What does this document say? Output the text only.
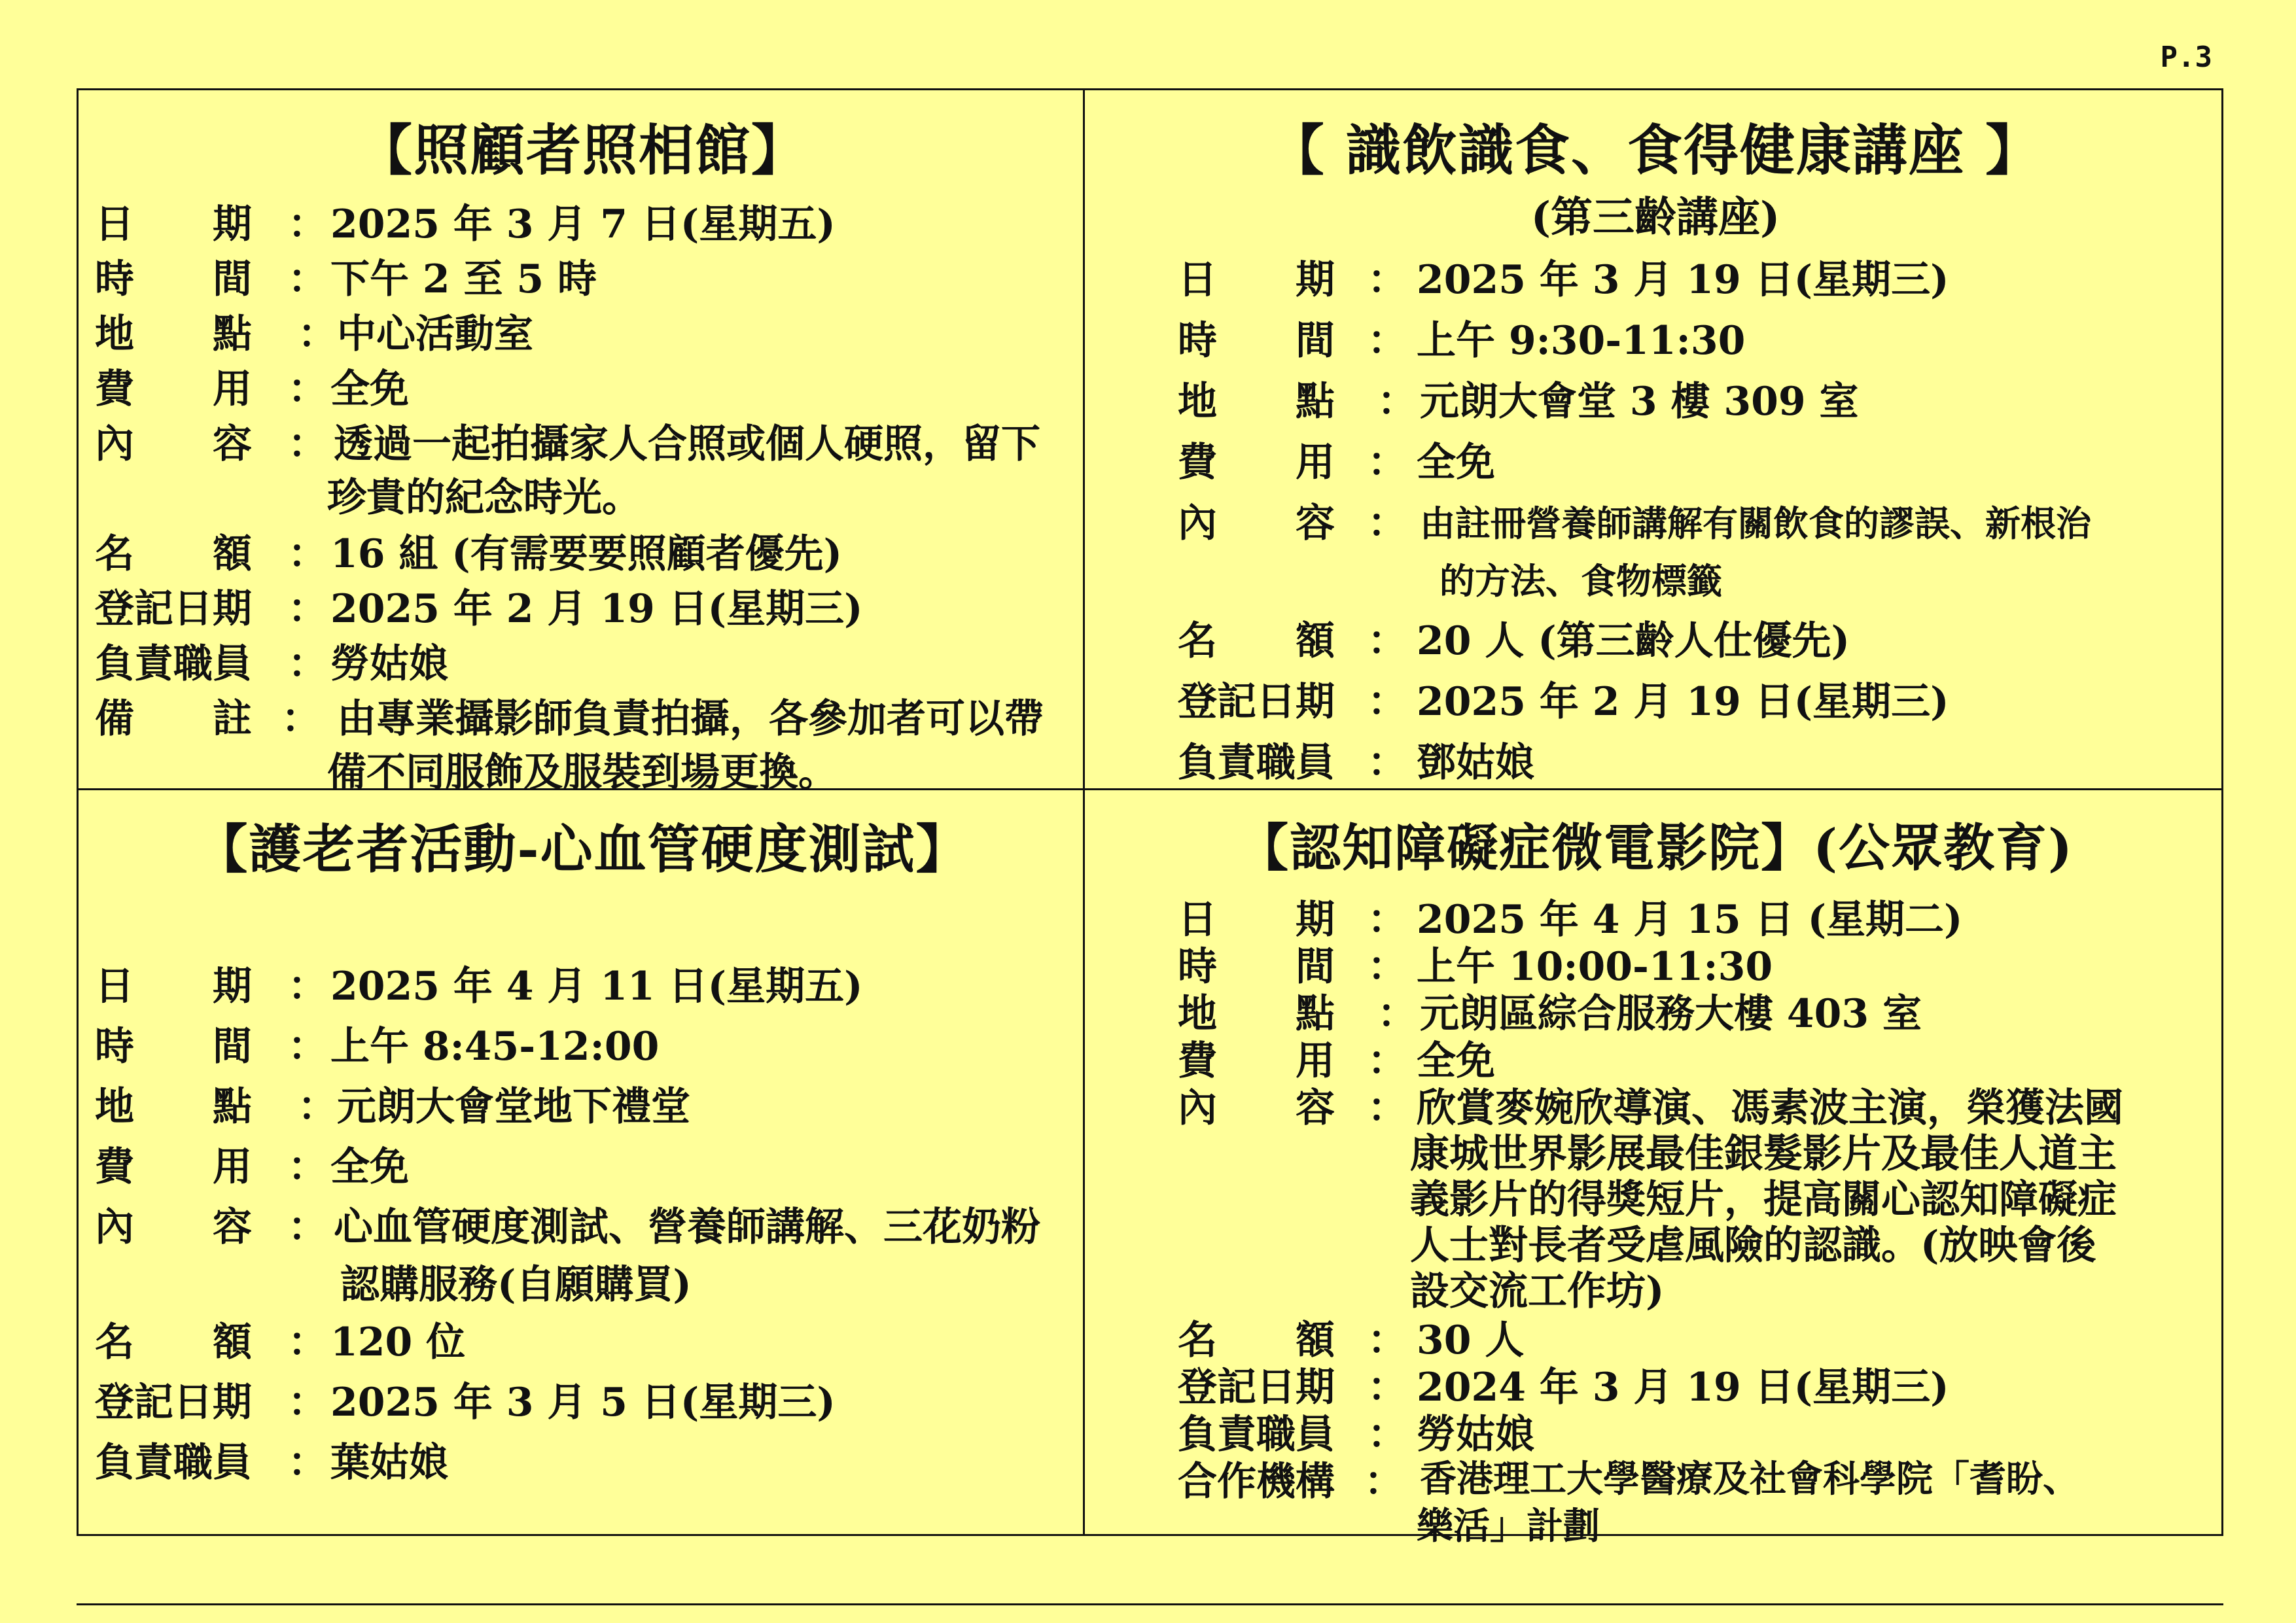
P.3
【照顧者照相館】
日　　期 ： 2025 年 3 月 7 日(星期五)
時　　間 ： 下午 2 至 5 時
地　　點 ： 中心活動室
費　　用 ： 全免
內　　容 ： 透過一起拍攝家人合照或個人硬照，留下
珍貴的紀念時光。
名　　額 ： 16 組 (有需要要照顧者優先)
登記日期 ： 2025 年 2 月 19 日(星期三)
負責職員 ： 勞姑娘
備　　註 ： 由專業攝影師負責拍攝，各參加者可以帶
備不同服飾及服裝到場更換。
【 識飲識食、食得健康講座 】
(第三齡講座)
日　　期 ： 2025 年 3 月 19 日(星期三)
時　　間 ： 上午 9:30-11:30
地　　點 ： 元朗大會堂 3 樓 309 室
費　　用 ： 全免
內　　容 ： 由註冊營養師講解有關飲食的謬誤、新根治
的方法、食物標籤
名　　額 ： 20 人 (第三齡人仕優先)
登記日期 ： 2025 年 2 月 19 日(星期三)
負責職員 ： 鄧姑娘
【護老者活動-心血管硬度測試】
日　　期 ： 2025 年 4 月 11 日(星期五)
時　　間 ： 上午 8:45-12:00
地　　點 ： 元朗大會堂地下禮堂
費　　用 ： 全免
內　　容 ： 心血管硬度測試、營養師講解、三花奶粉
認購服務(自願購買)
名　　額 ： 120 位
登記日期 ： 2025 年 3 月 5 日(星期三)
負責職員 ： 葉姑娘
【認知障礙症微電影院】(公眾教育)
日　　期 ： 2025 年 4 月 15 日 (星期二)
時　　間 ： 上午 10:00-11:30
地　　點 ： 元朗區綜合服務大樓 403 室
費　　用 ： 全免
內　　容 ： 欣賞麥婉欣導演、馮素波主演，榮獲法國
康城世界影展最佳銀髮影片及最佳人道主
義影片的得獎短片，提高關心認知障礙症
人士對長者受虐風險的認識。(放映會後
設交流工作坊)
名　　額 ： 30 人
登記日期 ： 2024 年 3 月 19 日(星期三)
負責職員 ： 勞姑娘
合作機構 ： 香港理工大學醫療及社會科學院「耆盼、
樂活」計劃
